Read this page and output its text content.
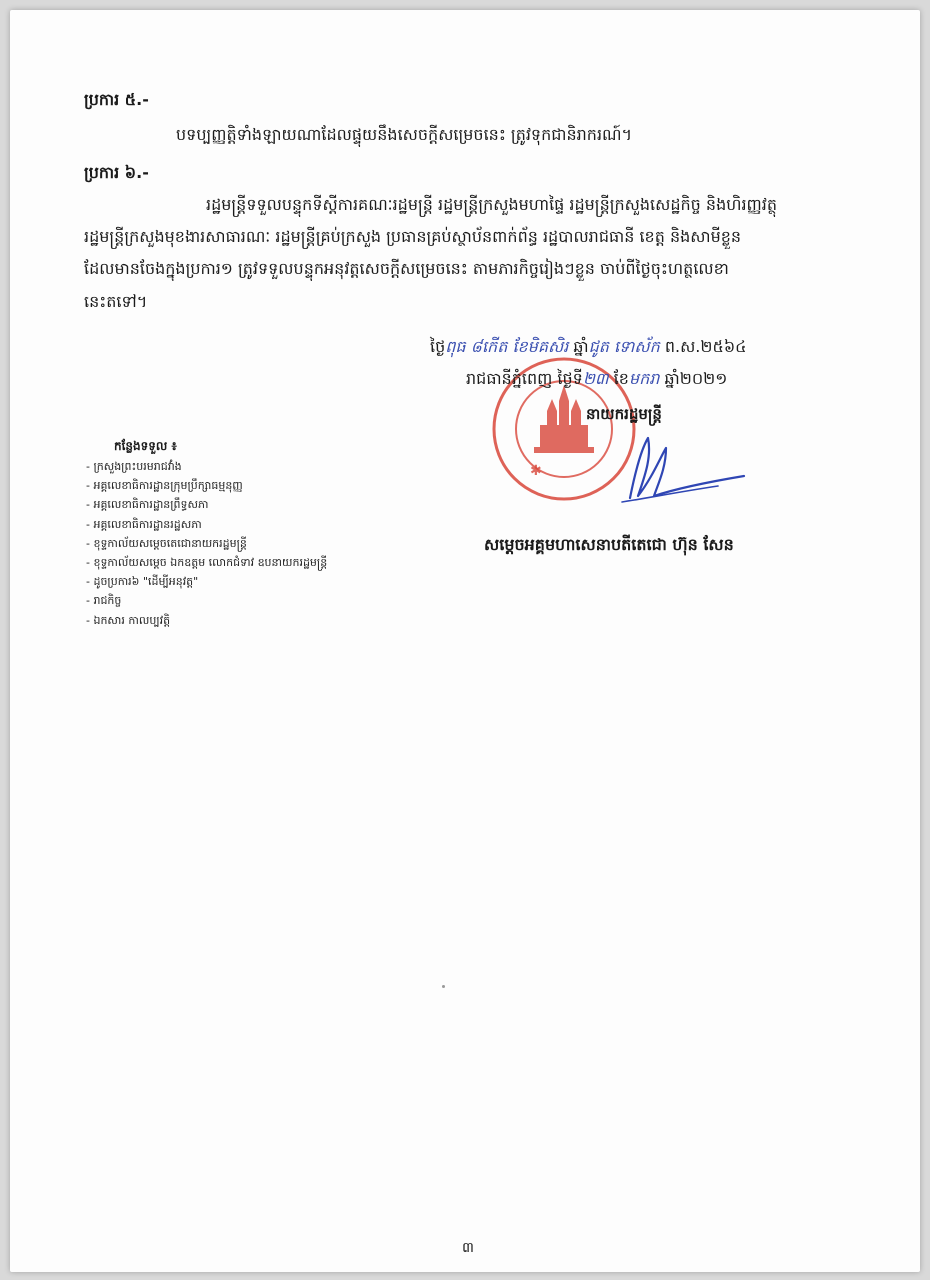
ប្រការ ៥.-
បទប្បញ្ញត្តិទាំងឡាយណាដែលផ្ទុយនឹងសេចក្តីសម្រេចនេះ ត្រូវទុកជានិរាករណ៍។
ប្រការ ៦.-
រដ្ឋមន្ត្រីទទួលបន្ទុកទីស្តីការគណៈរដ្ឋមន្ត្រី រដ្ឋមន្ត្រីក្រសួងមហាផ្ទៃ រដ្ឋមន្ត្រីក្រសួងសេដ្ឋកិច្ច និងហិរញ្ញវត្ថុ
រដ្ឋមន្ត្រីក្រសួងមុខងារសាធារណៈ រដ្ឋមន្ត្រីគ្រប់ក្រសួង ប្រធានគ្រប់ស្ថាប័នពាក់ព័ន្ធ រដ្ឋបាលរាជធានី ខេត្ត និងសាមីខ្លួន
ដែលមានចែងក្នុងប្រការ១ ត្រូវទទួលបន្ទុកអនុវត្តសេចក្តីសម្រេចនេះ តាមភារកិច្ចរៀងៗខ្លួន ចាប់ពីថ្ងៃចុះហត្ថលេខា
នេះតទៅ។
✱
ថ្ងៃពុធ ៨កើត ខែមិគសិរ ឆ្នាំជូត ទោស័ក ព.ស.២៥៦៤
រាជធានីភ្នំពេញ ថ្ងៃទី២៣ ខែមករា ឆ្នាំ២០២១
នាយករដ្ឋមន្ត្រី
សម្តេចអគ្គមហាសេនាបតីតេជោ ហ៊ុន សែន
កន្លែងទទួល ៖
- ក្រសួងព្រះបរមរាជវាំង
- អគ្គលេខាធិការដ្ឋានក្រុមប្រឹក្សាធម្មនុញ្ញ
- អគ្គលេខាធិការដ្ឋានព្រឹទ្ធសភា
- អគ្គលេខាធិការដ្ឋានរដ្ឋសភា
- ខុទ្ទកាល័យសម្តេចតេជោនាយករដ្ឋមន្ត្រី
- ខុទ្ទកាល័យសម្តេច ឯកឧត្តម លោកជំទាវ ឧបនាយករដ្ឋមន្ត្រី
- ដូចប្រការ៦ "ដើម្បីអនុវត្ត"
- រាជកិច្ច
- ឯកសារ កាលប្បវត្តិ
៣
